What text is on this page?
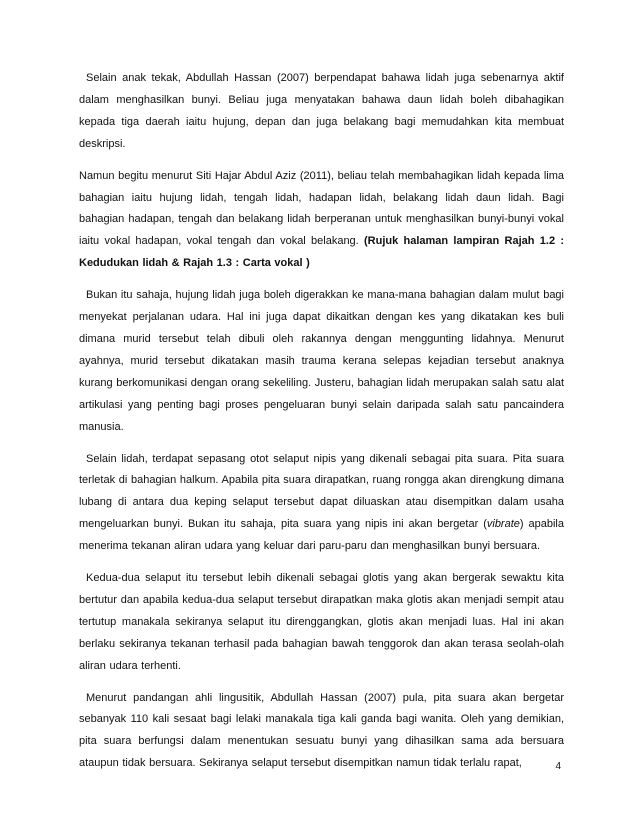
Selain anak tekak, Abdullah Hassan (2007) berpendapat bahawa lidah juga sebenarnya aktif dalam menghasilkan bunyi. Beliau juga menyatakan bahawa daun lidah boleh dibahagikan kepada tiga daerah iaitu hujung, depan dan juga belakang bagi memudahkan kita membuat deskripsi.

Namun begitu menurut Siti Hajar Abdul Aziz (2011), beliau telah membahagikan lidah kepada lima bahagian iaitu hujung lidah, tengah lidah, hadapan lidah, belakang lidah daun lidah. Bagi bahagian hadapan, tengah dan belakang lidah berperanan untuk menghasilkan bunyi-bunyi vokal iaitu vokal hadapan, vokal tengah dan vokal belakang. (Rujuk halaman lampiran Rajah 1.2 : Kedudukan lidah & Rajah 1.3 : Carta vokal )

Bukan itu sahaja, hujung lidah juga boleh digerakkan ke mana-mana bahagian dalam mulut bagi menyekat perjalanan udara. Hal ini juga dapat dikaitkan dengan kes yang dikatakan kes buli dimana murid tersebut telah dibuli oleh rakannya dengan menggunting lidahnya. Menurut ayahnya, murid tersebut dikatakan masih trauma kerana selepas kejadian tersebut anaknya kurang berkomunikasi dengan orang sekeliling. Justeru, bahagian lidah merupakan salah satu alat artikulasi yang penting bagi proses pengeluaran bunyi selain daripada salah satu pancaindera manusia.

Selain lidah, terdapat sepasang otot selaput nipis yang dikenali sebagai pita suara. Pita suara terletak di bahagian halkum. Apabila pita suara dirapatkan, ruang rongga akan direngkung dimana lubang di antara dua keping selaput tersebut dapat diluaskan atau disempitkan dalam usaha mengeluarkan bunyi. Bukan itu sahaja, pita suara yang nipis ini akan bergetar (vibrate) apabila menerima tekanan aliran udara yang keluar dari paru-paru dan menghasilkan bunyi bersuara.

Kedua-dua selaput itu tersebut lebih dikenali sebagai glotis yang akan bergerak sewaktu kita bertutur dan apabila kedua-dua selaput tersebut dirapatkan maka glotis akan menjadi sempit atau tertutup manakala sekiranya selaput itu direnggangkan, glotis akan menjadi luas. Hal ini akan berlaku sekiranya tekanan terhasil pada bahagian bawah tenggorok dan akan terasa seolah-olah aliran udara terhenti.

Menurut pandangan ahli lingusitik, Abdullah Hassan (2007) pula, pita suara akan bergetar sebanyak 110 kali sesaat bagi lelaki manakala tiga kali ganda bagi wanita. Oleh yang demikian, pita suara berfungsi dalam menentukan sesuatu bunyi yang dihasilkan sama ada bersuara ataupun tidak bersuara. Sekiranya selaput tersebut disempitkan namun tidak terlalu rapat,	4
